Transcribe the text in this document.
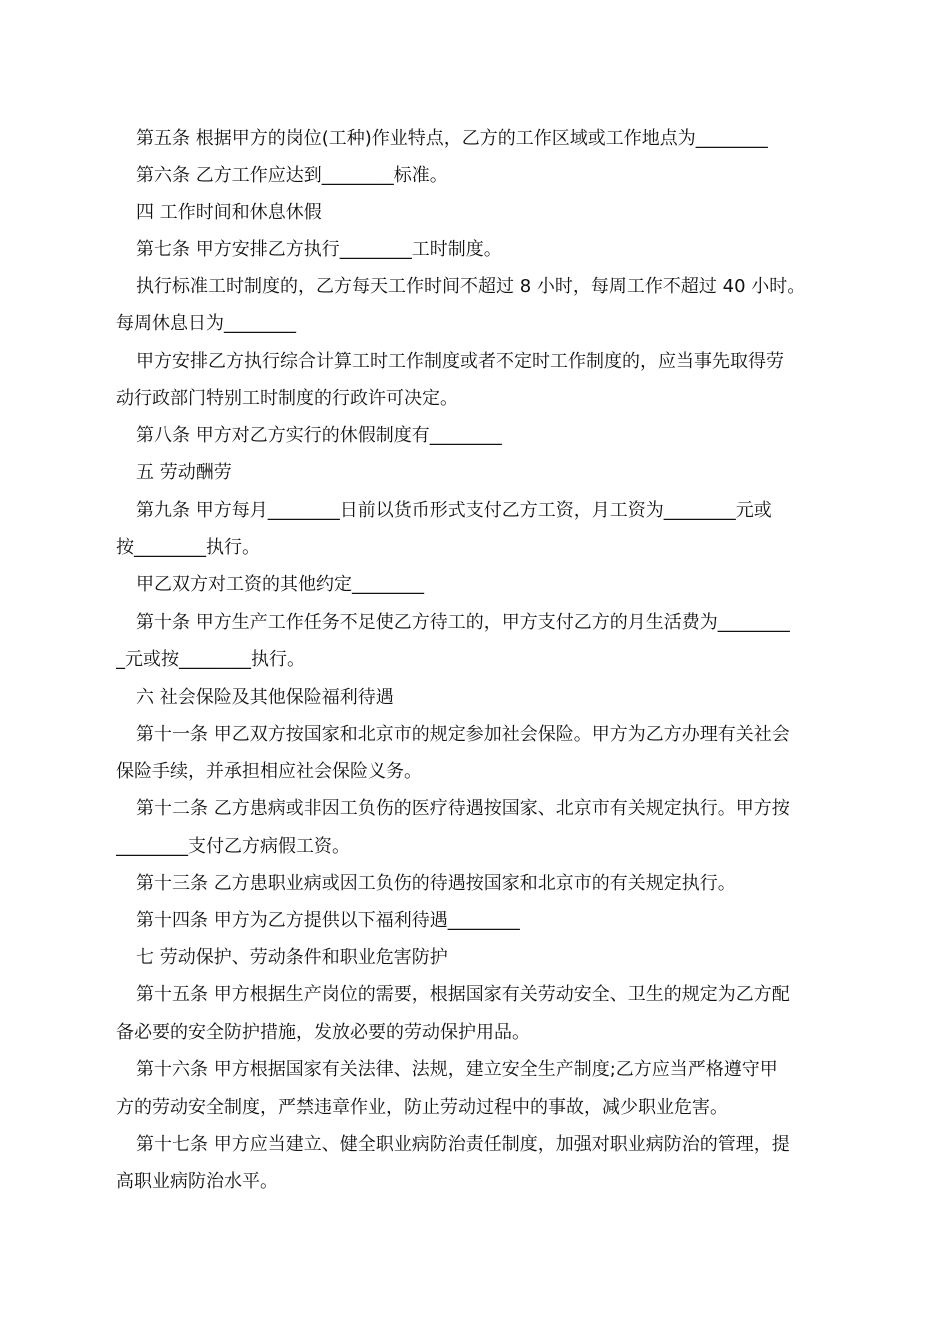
第五条 根据甲方的岗位(工种)作业特点，乙方的工作区域或工作地点为________
第六条 乙方工作应达到________标准。
四 工作时间和休息休假
第七条 甲方安排乙方执行________工时制度。
执行标准工时制度的，乙方每天工作时间不超过 8 小时，每周工作不超过 40 小时。
每周休息日为________
甲方安排乙方执行综合计算工时工作制度或者不定时工作制度的，应当事先取得劳
动行政部门特别工时制度的行政许可决定。
第八条 甲方对乙方实行的休假制度有________
五 劳动酬劳
第九条 甲方每月________日前以货币形式支付乙方工资，月工资为________元或
按________执行。
甲乙双方对工资的其他约定________
第十条 甲方生产工作任务不足使乙方待工的，甲方支付乙方的月生活费为________
_元或按________执行。
六 社会保险及其他保险福利待遇
第十一条 甲乙双方按国家和北京市的规定参加社会保险。甲方为乙方办理有关社会
保险手续，并承担相应社会保险义务。
第十二条 乙方患病或非因工负伤的医疗待遇按国家、北京市有关规定执行。甲方按
________支付乙方病假工资。
第十三条 乙方患职业病或因工负伤的待遇按国家和北京市的有关规定执行。
第十四条 甲方为乙方提供以下福利待遇________
七 劳动保护、劳动条件和职业危害防护
第十五条 甲方根据生产岗位的需要，根据国家有关劳动安全、卫生的规定为乙方配
备必要的安全防护措施，发放必要的劳动保护用品。
第十六条 甲方根据国家有关法律、法规，建立安全生产制度;乙方应当严格遵守甲
方的劳动安全制度，严禁违章作业，防止劳动过程中的事故，减少职业危害。
第十七条 甲方应当建立、健全职业病防治责任制度，加强对职业病防治的管理，提
高职业病防治水平。
